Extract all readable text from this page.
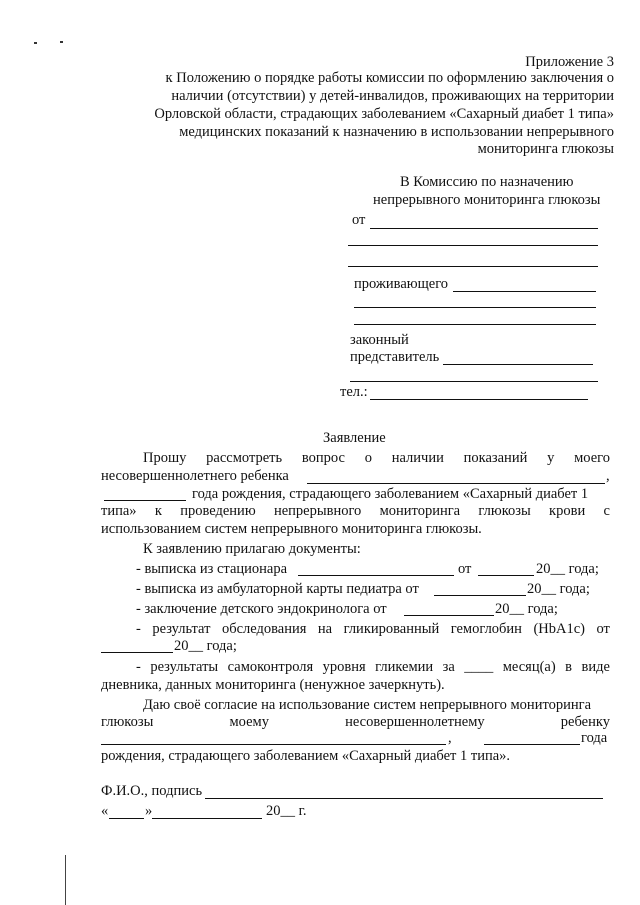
Приложение 3
к Положению о порядке работы комиссии по оформлению заключения о
наличии (отсутствии) у детей-инвалидов, проживающих на территории
Орловской области, страдающих заболеванием «Сахарный диабет 1 типа»
медицинских показаний к назначению в использовании непрерывного
мониторинга глюкозы
В Комиссию по назначению
непрерывного мониторинга глюкозы
от
проживающего
законный
представитель
тел.:
Заявление
Прошу рассмотреть вопрос о наличии показаний у моего
несовершеннолетнего ребенка	,
года рождения, страдающего заболеванием «Сахарный диабет 1
типа» к проведению непрерывного мониторинга глюкозы крови с
использованием систем непрерывного мониторинга глюкозы.
К заявлению прилагаю документы:
- выписка из стационара	от	20__ года;
- выписка из амбулаторной карты педиатра от	20__ года;
- заключение детского эндокринолога от	20__ года;
- результат обследования на гликированный гемоглобин (HbA1c) от
20__ года;
- результаты самоконтроля уровня гликемии за ____ месяц(а) в виде
дневника, данных мониторинга (ненужное зачеркнуть).
Даю своё согласие на использование систем непрерывного мониторинга
глюкозы	моему	несовершеннолетнему	ребенку
,	года
рождения, страдающего заболеванием «Сахарный диабет 1 типа».
Ф.И.О., подпись
«	»	20__ г.
